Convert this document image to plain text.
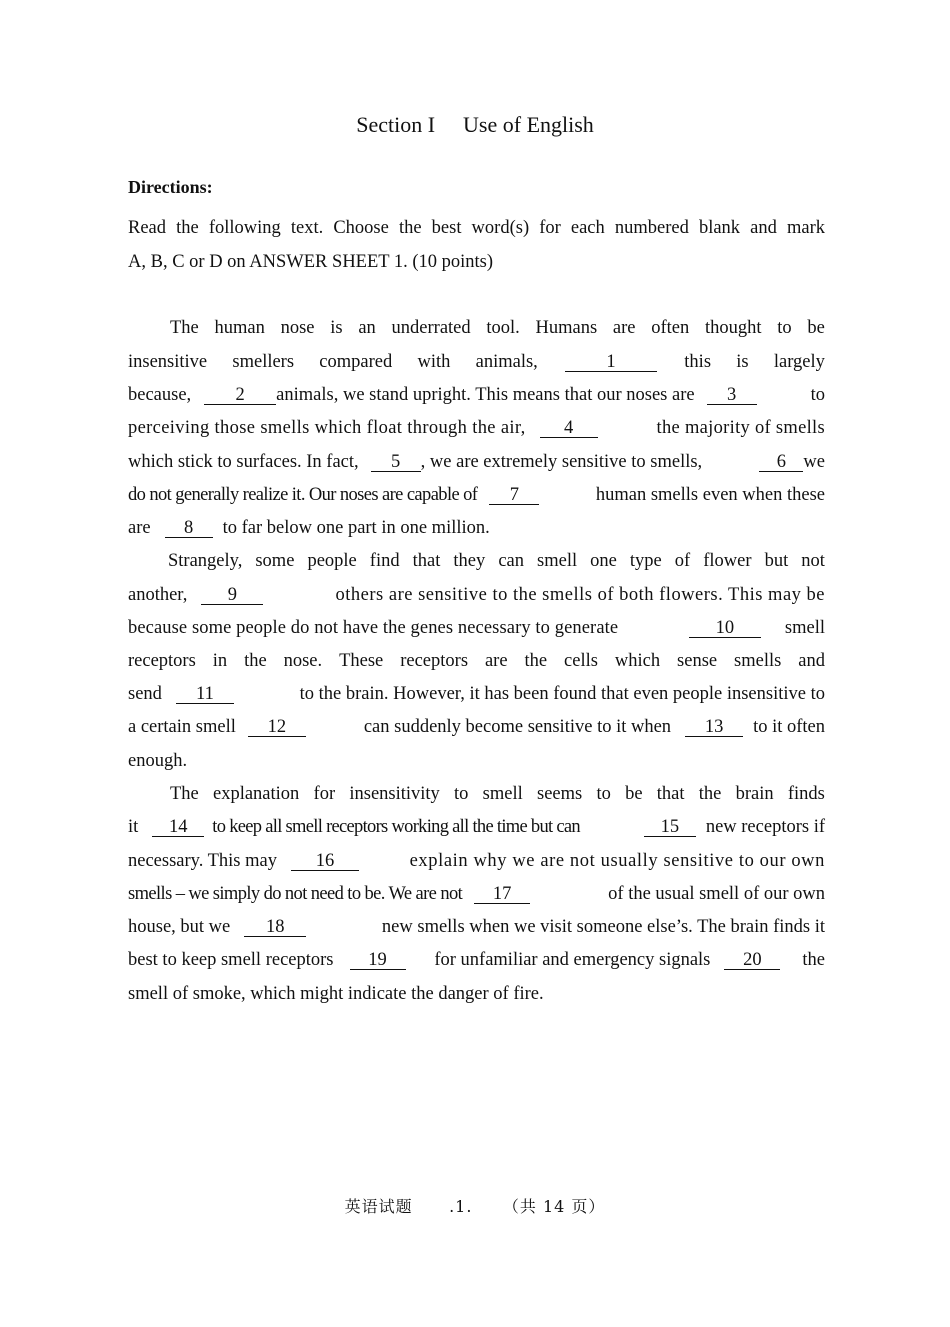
Section I Use of English
Directions:
Read the following text. Choose the best word(s) for each numbered blank and mark
A, B, C or D on ANSWER SHEET 1. (10 points)
The human nose is an underrated tool. Humans are often thought to be
insensitive smellers compared with animals,	1	this is largely
because,	2	animals, we stand upright. This means that our noses are	3	to
perceiving those smells which float through the air,	4	the majority of smells
which stick to surfaces. In fact,	5	, we are extremely sensitive to smells,	6 we
do not generally realize it. Our noses are capable of	7	human smells even when these
are	8	to far below one part in one million.
Strangely, some people find that they can smell one type of flower but not
another,	9	others are sensitive to the smells of both flowers. This may be
because some people do not have the genes necessary to generate	10	smell
receptors in the nose. These receptors are the cells which sense smells and
send	11	to the brain. However, it has been found that even people insensitive to
a certain smell	12	can suddenly become sensitive to it when	13	to it often
enough.
The explanation for insensitivity to smell seems to be that the brain finds
it	14	to keep all smell receptors working all the time but can	15	new receptors if
necessary. This may	16	explain why we are not usually sensitive to our own
smells – we simply do not need to be. We are not	17	of the usual smell of our own
house, but we	18	new smells when we visit someone else’s. The brain finds it
best to keep smell receptors	19	for unfamiliar and emergency signals	20	the
smell of smoke, which might indicate the danger of fire.
英语试题 .1. （共 14 页）
